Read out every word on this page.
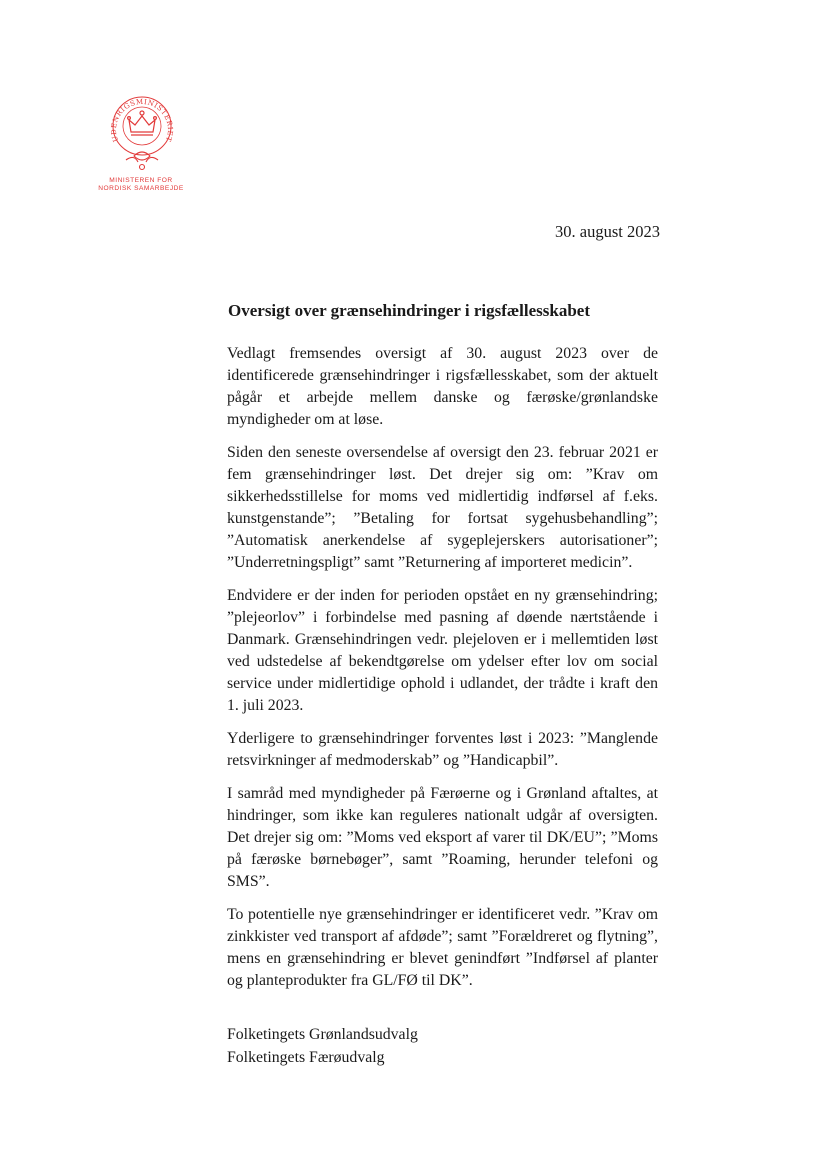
UDENRIGSMINISTERIET
MINISTEREN FOR
NORDISK SAMARBEJDE
30. august 2023
Oversigt over grænsehindringer i rigsfællesskabet

Vedlagt fremsendes oversigt af 30. august 2023 over de identificerede grænsehindringer i rigsfællesskabet, som der aktuelt pågår et arbejde mellem danske og færøske/grønlandske myndigheder om at løse.

Siden den seneste oversendelse af oversigt den 23. februar 2021 er fem grænsehindringer løst. Det drejer sig om: ”Krav om sikkerhedsstillelse for moms ved midlertidig indførsel af f.eks. kunstgenstande”; ”Betaling for fortsat sygehusbehandling”; ”Automatisk anerkendelse af sygeplejerskers autorisationer”; ”Underretningspligt” samt ”Returnering af importeret medicin”.

Endvidere er der inden for perioden opstået en ny grænsehindring; ”plejeorlov” i forbindelse med pasning af døende nærtstående i Danmark. Grænsehindringen vedr. plejeloven er i mellemtiden løst ved udstedelse af bekendtgørelse om ydelser efter lov om social service under midlertidige ophold i udlandet, der trådte i kraft den 1. juli 2023.

Yderligere to grænsehindringer forventes løst i 2023: ”Manglende retsvirkninger af medmoderskab” og ”Handicapbil”.

I samråd med myndigheder på Færøerne og i Grønland aftaltes, at hindringer, som ikke kan reguleres nationalt udgår af oversigten. Det drejer sig om: ”Moms ved eksport af varer til DK/EU”; ”Moms på færøske børnebøger”, samt ”Roaming, herunder telefoni og SMS”.

To potentielle nye grænsehindringer er identificeret vedr. ”Krav om zinkkister ved transport af afdøde”; samt ”Forældreret og flytning”, mens en grænsehindring er blevet genindført ”Indførsel af planter og planteprodukter fra GL/FØ til DK”.

Folketingets Grønlandsudvalg
Folketingets Færøudvalg
